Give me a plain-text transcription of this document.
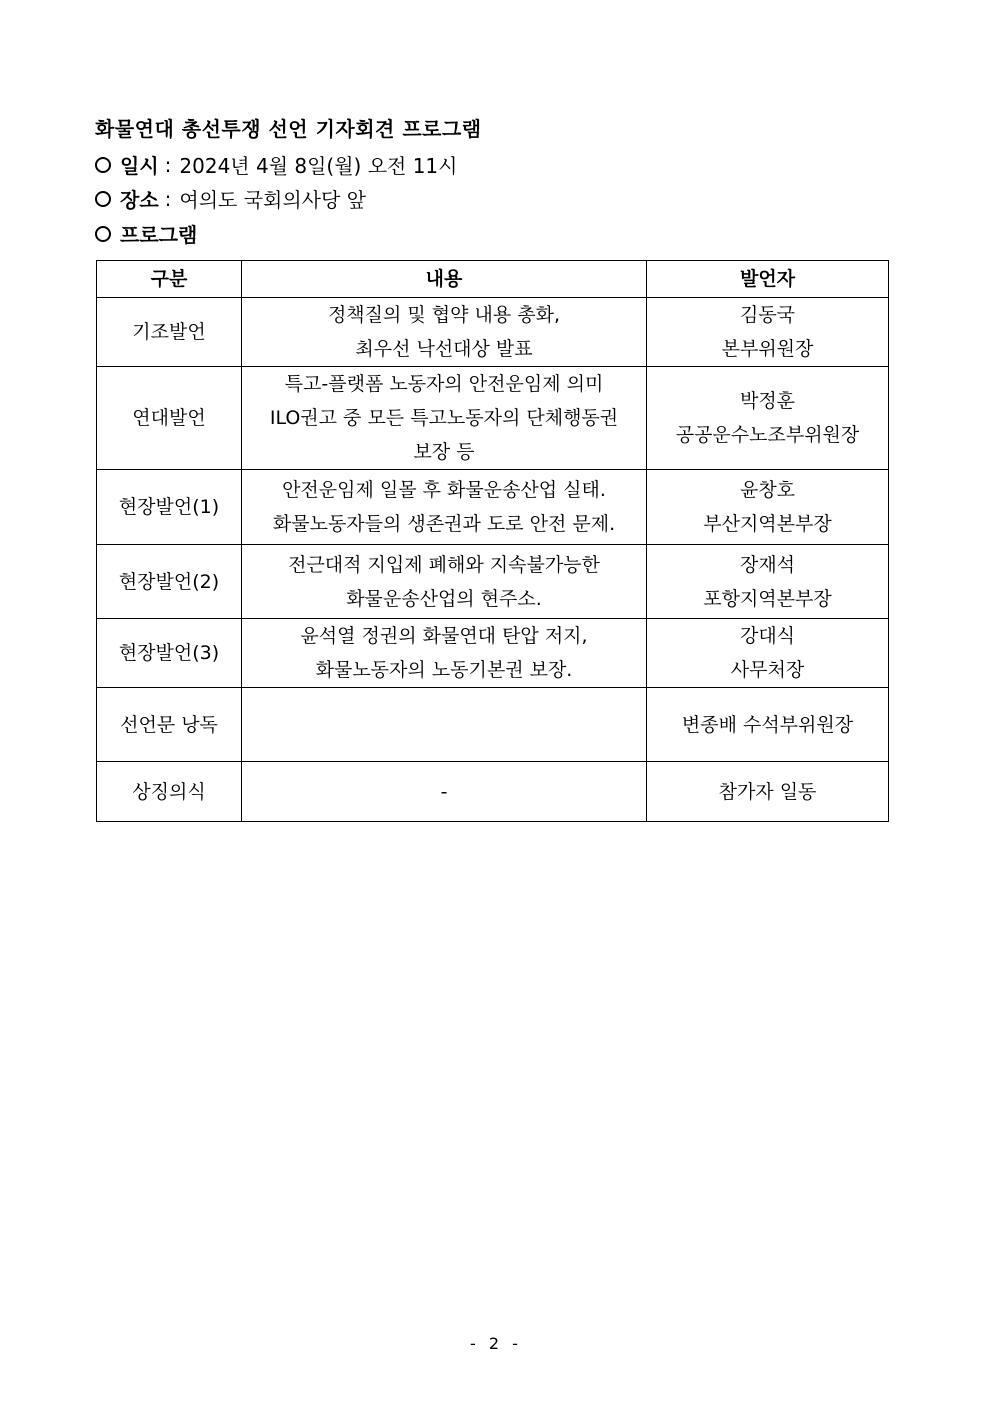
화물연대 총선투쟁 선언 기자회견 프로그램
일시 : 2024년 4월 8일(월) 오전 11시
장소 : 여의도 국회의사당 앞
프로그램
구분	내용	발언자
기조발언	정책질의 및 협약 내용 총화,
최우선 낙선대상 발표	김동국
본부위원장

연대발언	특고-플랫폼 노동자의 안전운임제 의미
ILO권고 중 모든 특고노동자의 단체행동권
보장 등	박정훈
공공운수노조부위원장

현장발언(1)	안전운임제 일몰 후 화물운송산업 실태.
화물노동자들의 생존권과 도로 안전 문제.	윤창호
부산지역본부장

현장발언(2)	전근대적 지입제 폐해와 지속불가능한
화물운송산업의 현주소.	장재석
포항지역본부장

현장발언(3)	윤석열 정권의 화물연대 탄압 저지,
화물노동자의 노동기본권 보장.	강대식
사무처장

선언문 낭독		변종배 수석부위원장

상징의식	-	참가자 일동
- 2 -
